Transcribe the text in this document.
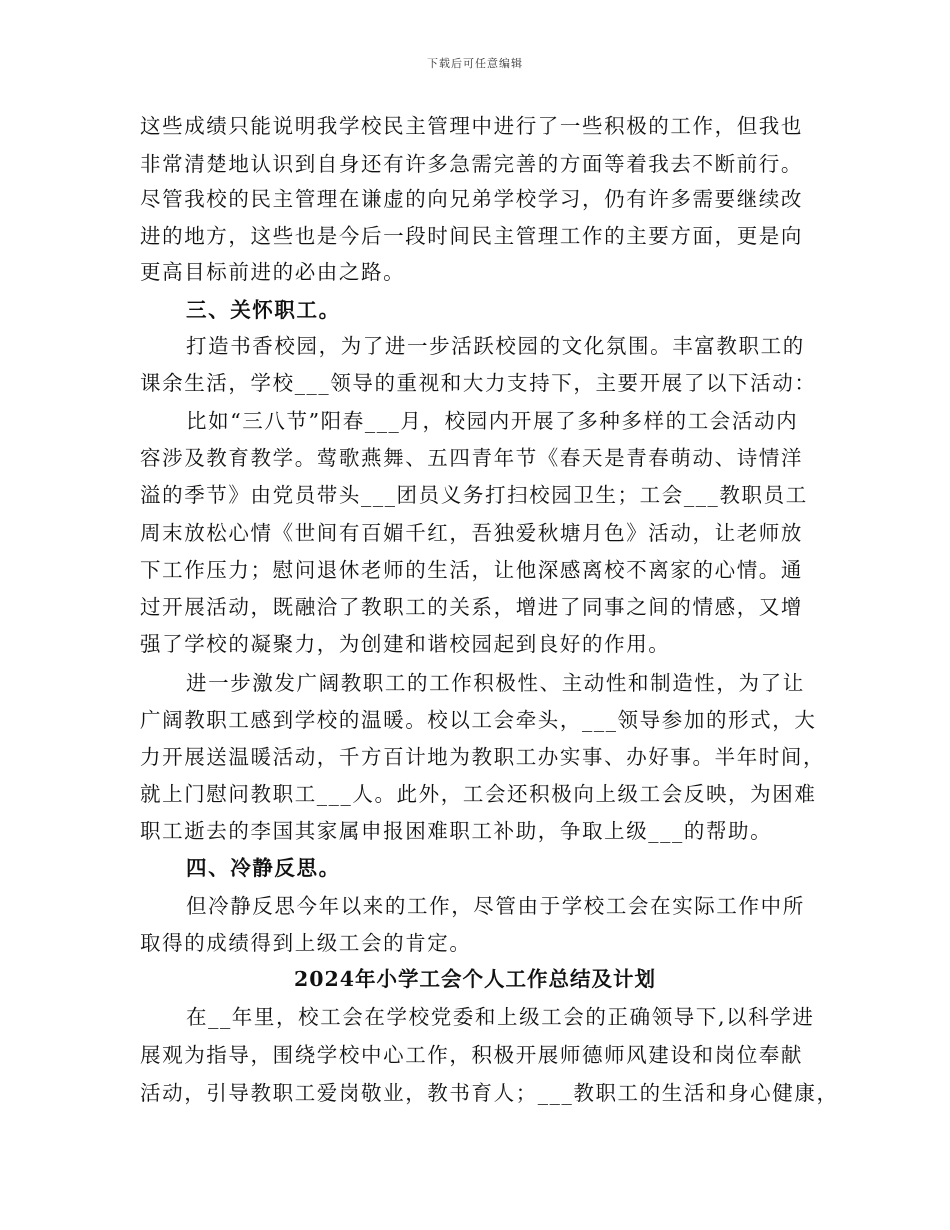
下载后可任意编辑
这些成绩只能说明我学校民主管理中进行了一些积极的工作，但我也
非常清楚地认识到自身还有许多急需完善的方面等着我去不断前行。
尽管我校的民主管理在谦虚的向兄弟学校学习，仍有许多需要继续改
进的地方，这些也是今后一段时间民主管理工作的主要方面，更是向
更高目标前进的必由之路。
三、关怀职工。
打造书香校园，为了进一步活跃校园的文化氛围。丰富教职工的
课余生活，学校___领导的重视和大力支持下，主要开展了以下活动：
比如“三八节”阳春___月，校园内开展了多种多样的工会活动内
容涉及教育教学。莺歌燕舞、五四青年节《春天是青春萌动、诗情洋
溢的季节》由党员带头___团员义务打扫校园卫生；工会___教职员工
周末放松心情《世间有百媚千红，吾独爱秋塘月色》活动，让老师放
下工作压力；慰问退休老师的生活，让他深感离校不离家的心情。通
过开展活动，既融洽了教职工的关系，增进了同事之间的情感，又增
强了学校的凝聚力，为创建和谐校园起到良好的作用。
进一步激发广阔教职工的工作积极性、主动性和制造性，为了让
广阔教职工感到学校的温暖。校以工会牵头，___领导参加的形式，大
力开展送温暖活动，千方百计地为教职工办实事、办好事。半年时间，
就上门慰问教职工___人。此外，工会还积极向上级工会反映，为困难
职工逝去的李国其家属申报困难职工补助，争取上级___的帮助。
四、冷静反思。
但冷静反思今年以来的工作，尽管由于学校工会在实际工作中所
取得的成绩得到上级工会的肯定。
2024年小学工会个人工作总结及计划
在__年里，校工会在学校党委和上级工会的正确领导下,以科学进
展观为指导，围绕学校中心工作，积极开展师德师风建设和岗位奉献
活动，引导教职工爱岗敬业，教书育人；___教职工的生活和身心健康，
